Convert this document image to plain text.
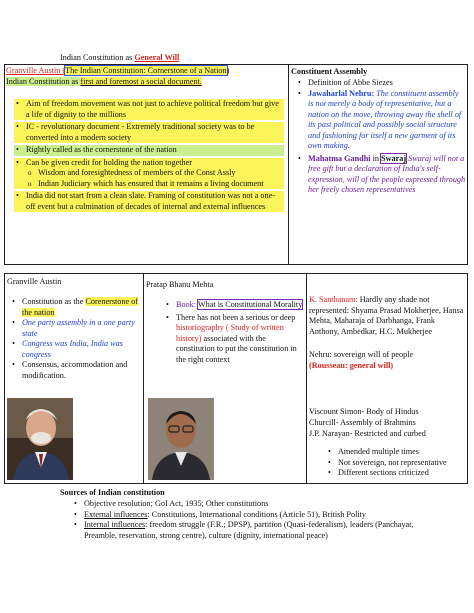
Indian Constitution as General Will
Granville Austin (The Indian Constitution: Cornerstone of a Nation)
Indian Constitution as first and foremost a social document.
• Aim of freedom movement was not just to achieve political freedom but give a life of dignity to the millions
• IC - revolutionary document - Extremely traditional society was to be converted into a modern society
• Rightly called as the cornerstone of the nation
• Can be given credit for holding the nation together
o Wisdom and foresightedness of members of the Const Assly
o Indian Judiciary which has ensured that it remains a living document
• India did not start from a clean slate. Framing of constitution was not a one-off event but a culmination of decades of internal and external influences
Constituent Assembly
• Definition of Abbe Siezes
• Jawaharlal Nehru: The constituent assembly is not merely a body of representative, but a nation on the move, throwing away the shell of its past political and possibly social structure and fashioning for itself a new garment of its own making.
• Mahatma Gandhi in Swaraj Swaraj will not a free gift but a declaration of India's self-expression, will of the people expressed through her freely chosen representatives
Granville Austin
• Constitution as the Corenerstone of the nation
• One party assembly in a one party state
• Congress was India, India was congress
• Consensus, accommodation and modification.
Pratap Bhanu Mehta
• Book: What is Constitutional Morality
• There has not been a serious or deep historiography ( Study of written history) associated with the constitution to put the constitution in the right context
K. Santhanam: Hardly any shade not represented: Shyama Prasad Mokherjee, Hansa Mehta, Maharaja of Darbhanga, Frank Anthony, Ambedkar, H.C. Mukherjee
Nehru: sovereign will of people
(Rousseau: general will)
Viscount Simon- Body of Hindus
Churcill- Assembly of Brahmins
J.P. Narayan- Restricted and curbed
• Amended multiple times
• Not sovereign, not representative
• Different sections criticized
Sources of Indian constitution
• Objective resolution; GoI Act, 1935; Other constitutions
• External influences: Constitutions, International conditions (Article 51), British Polity
• Internal influences: freedom struggle (F.R.; DPSP), partition (Quasi-federalism), leaders (Panchayat, Preamble, reservation, strong centre), culture (dignity, international peace)
